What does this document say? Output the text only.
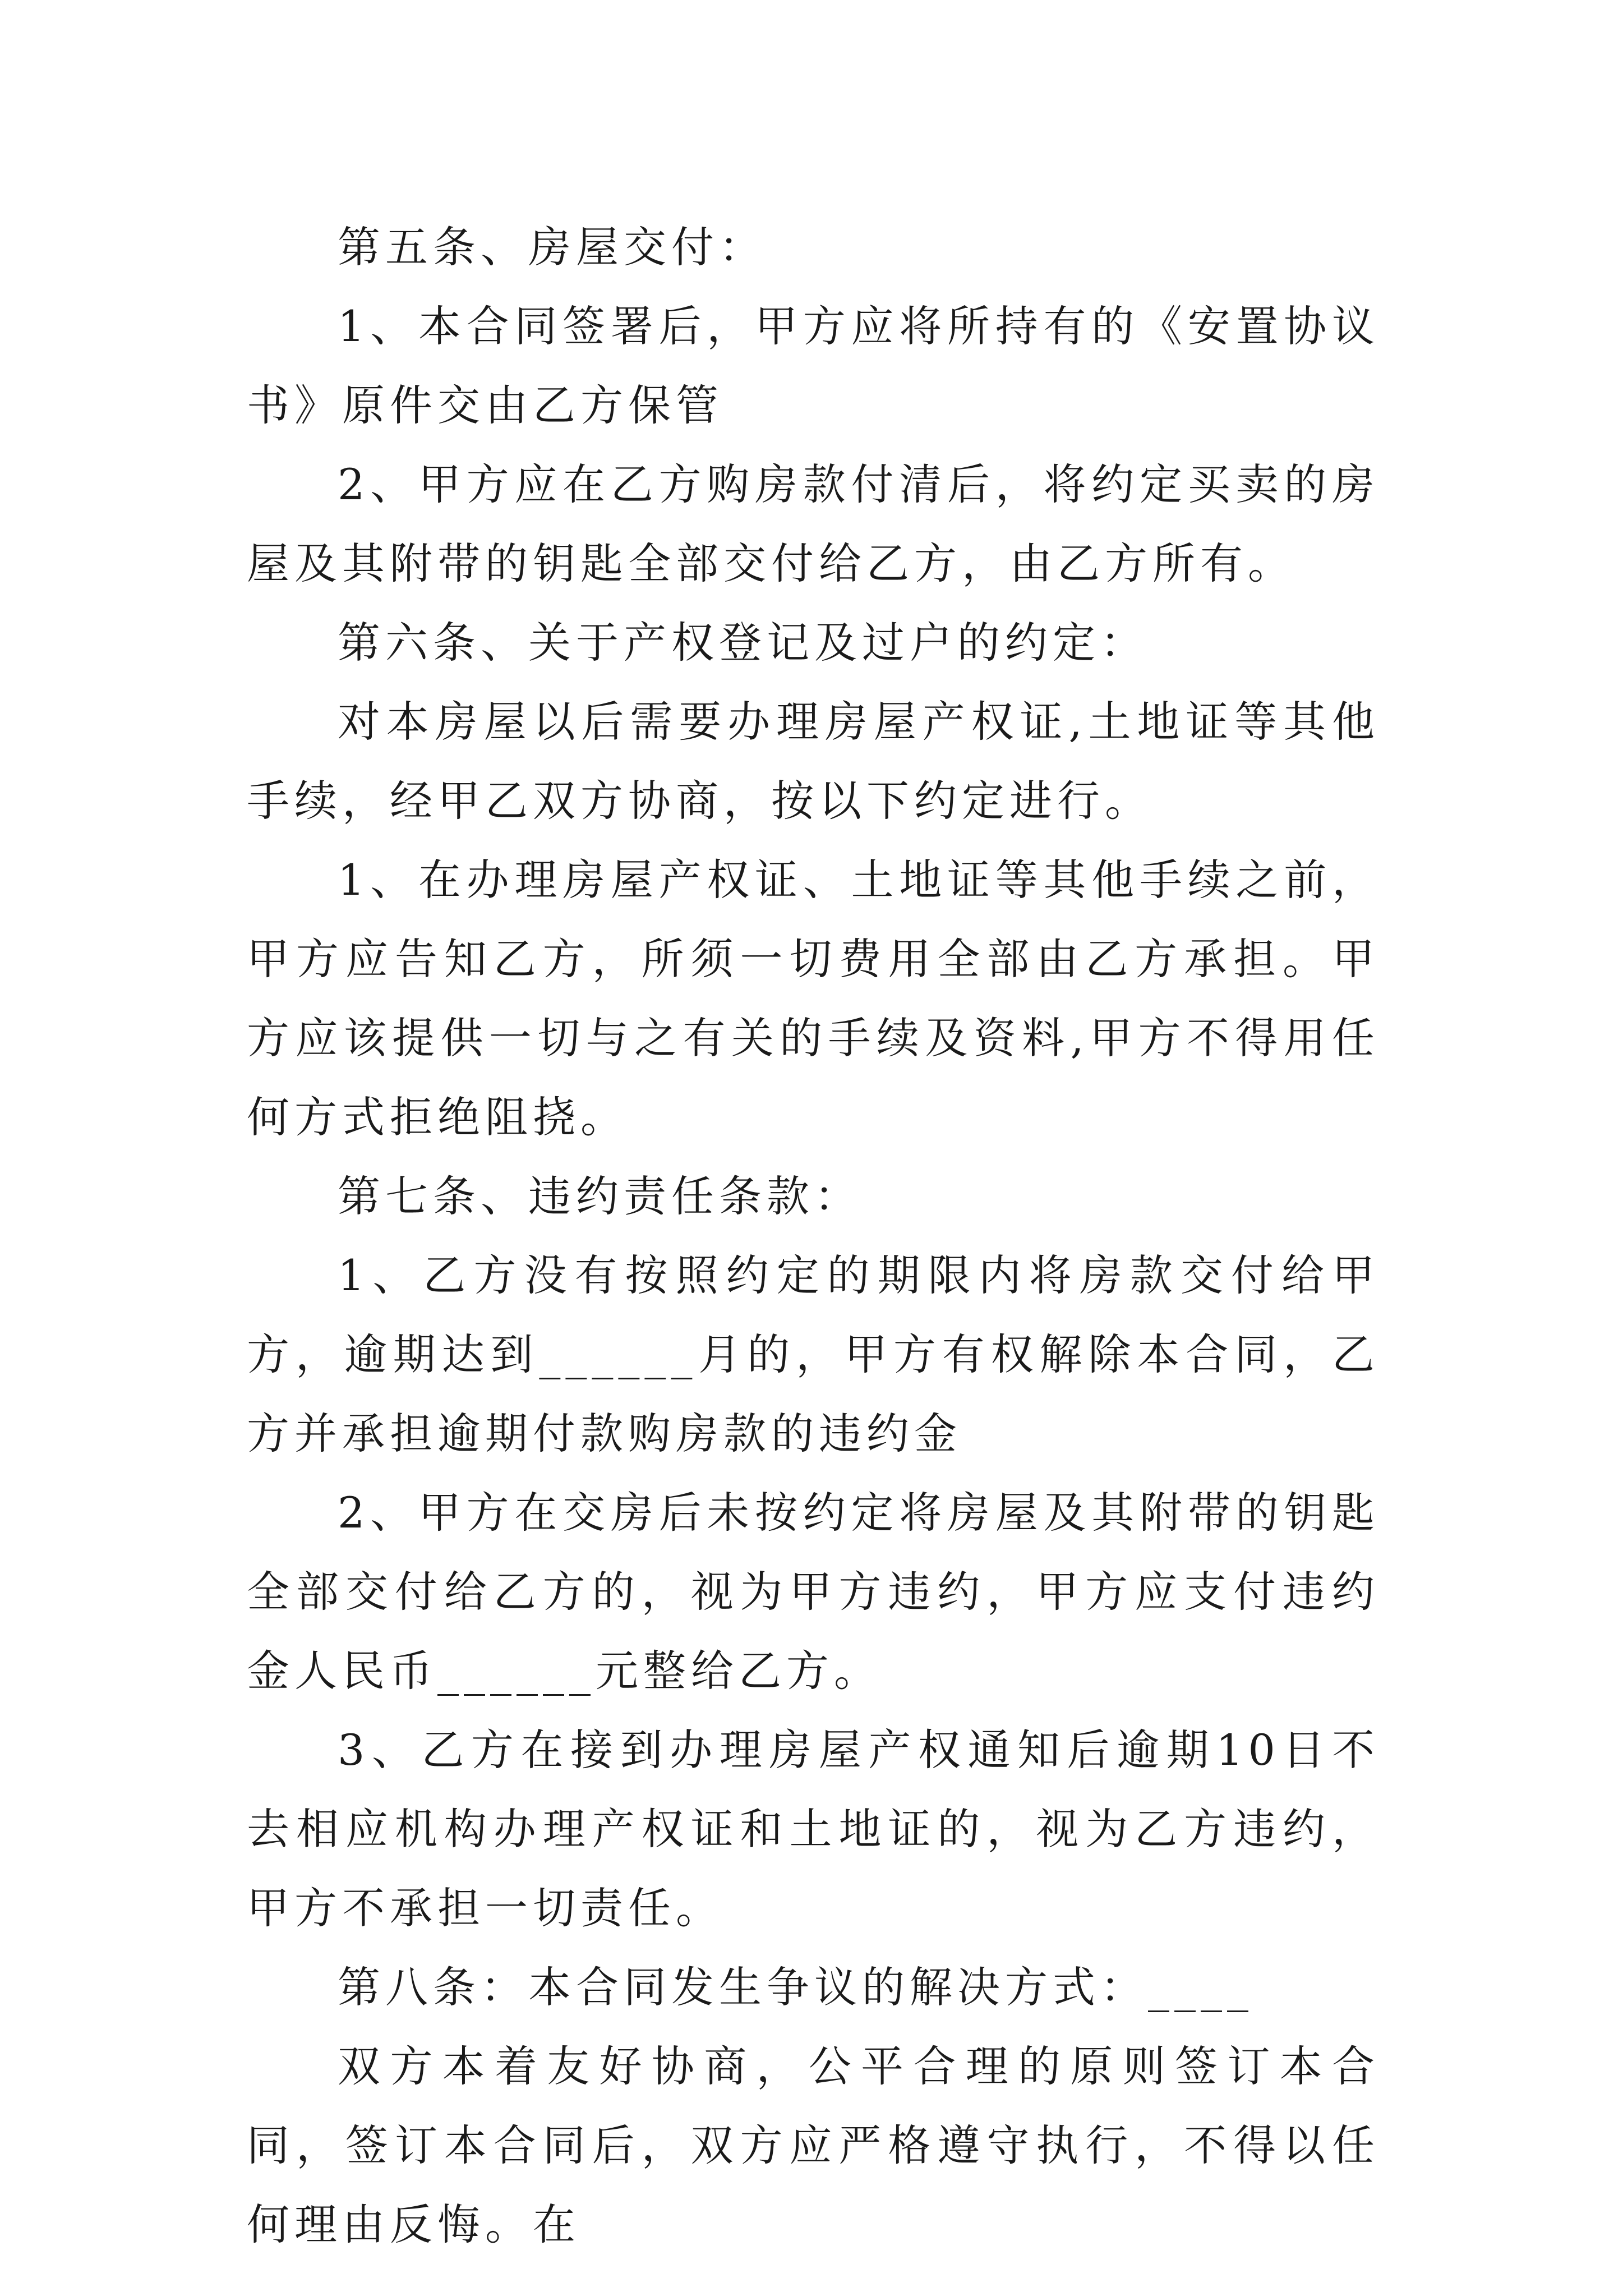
第五条、房屋交付：

1、本合同签署后，甲方应将所持有的《安置协议书》原件交由乙方保管

2、甲方应在乙方购房款付清后，将约定买卖的房屋及其附带的钥匙全部交付给乙方，由乙方所有。

第六条、关于产权登记及过户的约定：

对本房屋以后需要办理房屋产权证,土地证等其他手续，经甲乙双方协商，按以下约定进行。

1、在办理房屋产权证、土地证等其他手续之前，甲方应告知乙方，所须一切费用全部由乙方承担。甲方应该提供一切与之有关的手续及资料,甲方不得用任何方式拒绝阻挠。

第七条、违约责任条款：

1、乙方没有按照约定的期限内将房款交付给甲方，逾期达到______月的，甲方有权解除本合同，乙方并承担逾期付款购房款的违约金

2、甲方在交房后未按约定将房屋及其附带的钥匙全部交付给乙方的，视为甲方违约，甲方应支付违约金人民币______元整给乙方。

3、乙方在接到办理房屋产权通知后逾期10日不去相应机构办理产权证和土地证的，视为乙方违约，甲方不承担一切责任。

第八条：本合同发生争议的解决方式：____

双方本着友好协商，公平合理的原则签订本合同，签订本合同后，双方应严格遵守执行，不得以任何理由反悔。在
